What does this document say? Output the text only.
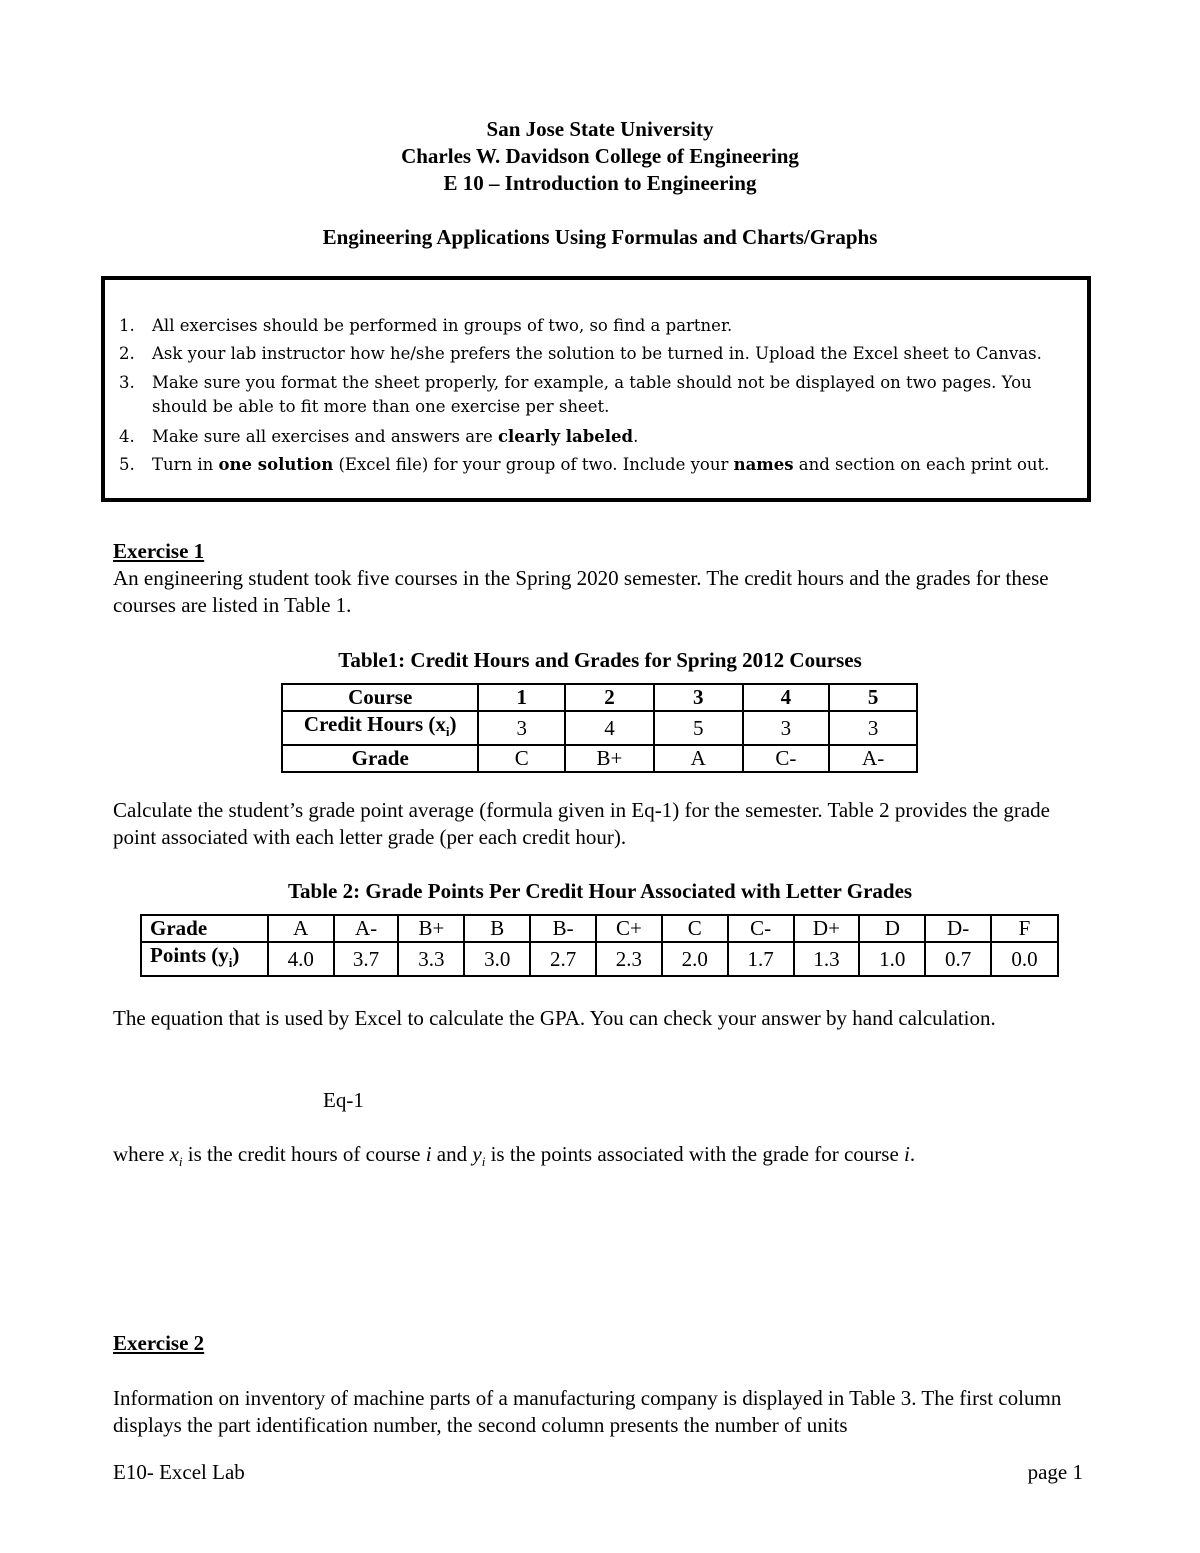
San Jose State University
Charles W. Davidson College of Engineering
E 10 – Introduction to Engineering
Engineering Applications Using Formulas and Charts/Graphs
1.	All exercises should be performed in groups of two, so find a partner.
2.	Ask your lab instructor how he/she prefers the solution to be turned in. Upload the Excel sheet to Canvas.
3.	Make sure you format the sheet properly, for example, a table should not be displayed on two pages. You should be able to fit more than one exercise per sheet.
4.	Make sure all exercises and answers are clearly labeled.
5.	Turn in one solution (Excel file) for your group of two. Include your names and section on each print out.
Exercise 1
An engineering student took five courses in the Spring 2020 semester. The credit hours and the grades for these courses are listed in Table 1.
Table1: Credit Hours and Grades for Spring 2012 Courses
Course	1	2	3	4	5
Credit Hours $(x_i)$	3	4	5	3	3
Grade	C	B+	A	C-	A-
Calculate the student’s grade point average (formula given in Eq-1) for the semester. Table 2 provides the grade point associated with each letter grade (per each credit hour).
Table 2: Grade Points Per Credit Hour Associated with Letter Grades
Grade	A	A-	B+	B	B-	C+	C	C-	D+	D	D-	F
Points $(y_i)$	4.0	3.7	3.3	3.0	2.7	2.3	2.0	1.7	1.3	1.0	0.7	0.0
The equation that is used by Excel to calculate the GPA. You can check your answer by hand calculation.
Eq-1
where $x_i$ is the credit hours of course i and $y_i$ is the points associated with the grade for course i.
Exercise 2
Information on inventory of machine parts of a manufacturing company is displayed in Table 3. The first column displays the part identification number, the second column presents the number of units
E10- Excel Lab	page 1
